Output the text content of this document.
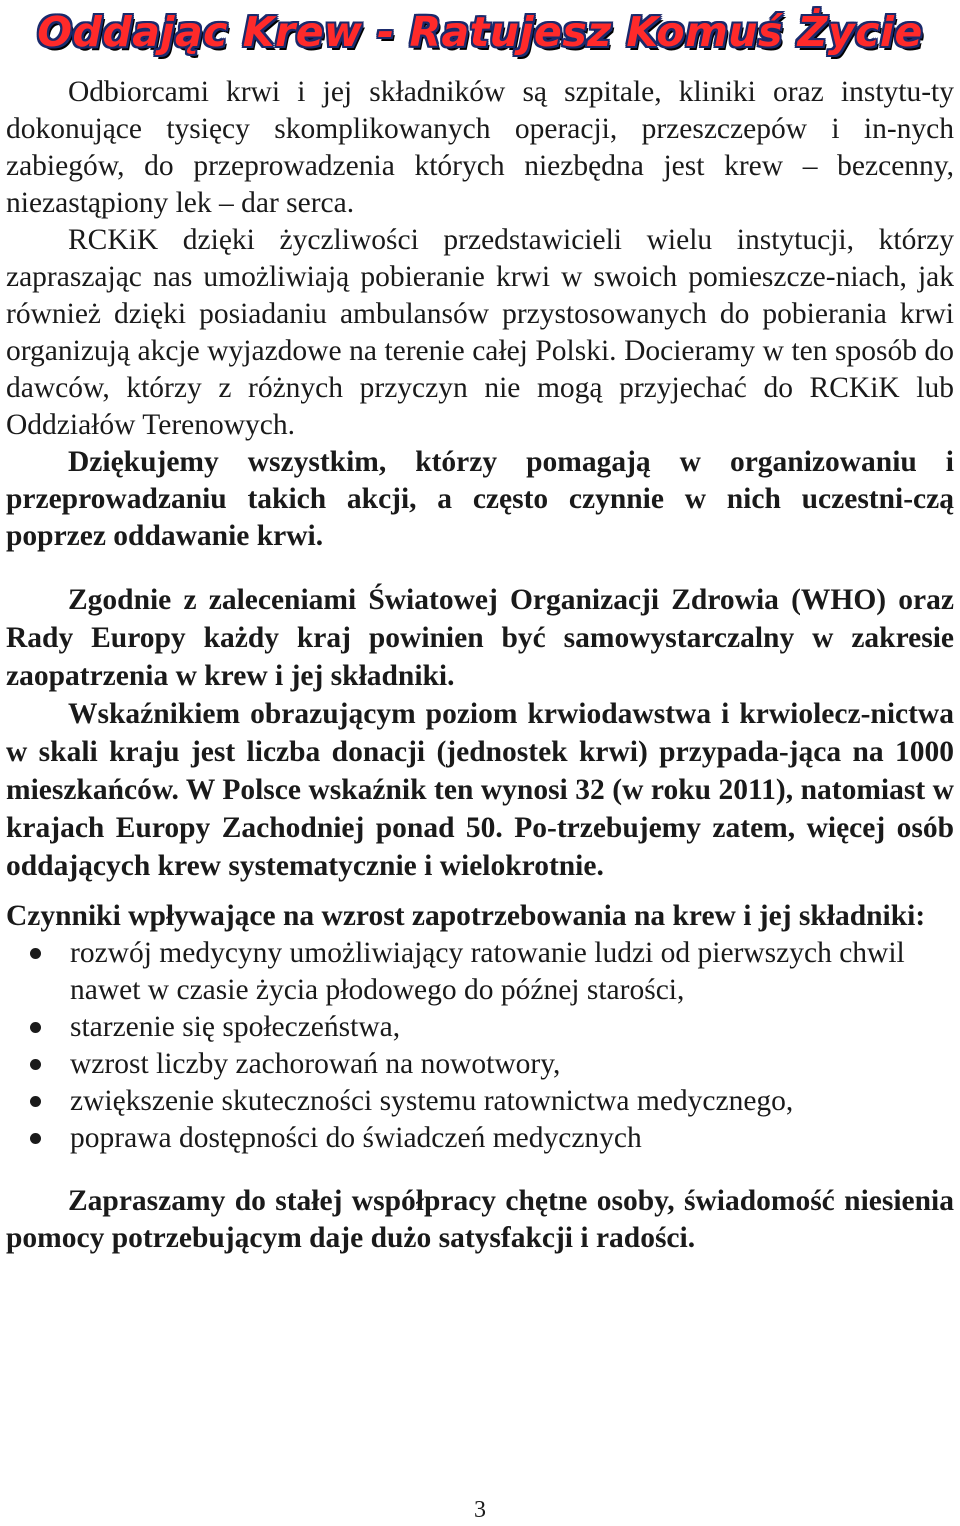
Oddając Krew - Ratujesz Komuś Życie

Odbiorcami krwi i jej składników są szpitale, kliniki oraz instytu-ty dokonujące tysięcy skomplikowanych operacji, przeszczepów i in-nych zabiegów, do przeprowadzenia których niezbędna jest krew – bezcenny, niezastąpiony lek – dar serca.

RCKiK dzięki życzliwości przedstawicieli wielu instytucji, którzy zapraszając nas umożliwiają pobieranie krwi w swoich pomieszcze-niach, jak również dzięki posiadaniu ambulansów przystosowanych do pobierania krwi organizują akcje wyjazdowe na terenie całej Polski. Docieramy w ten sposób do dawców, którzy z różnych przyczyn nie mogą przyjechać do RCKiK lub Oddziałów Terenowych.

Dziękujemy wszystkim, którzy pomagają w organizowaniu i przeprowadzaniu takich akcji, a często czynnie w nich uczestni-czą poprzez oddawanie krwi.

Zgodnie z zaleceniami Światowej Organizacji Zdrowia (WHO) oraz Rady Europy każdy kraj powinien być samowystarczalny w zakresie zaopatrzenia w krew i jej składniki.

Wskaźnikiem obrazującym poziom krwiodawstwa i krwiolecz-nictwa w skali kraju jest liczba donacji (jednostek krwi) przypada-jąca na 1000 mieszkańców. W Polsce wskaźnik ten wynosi 32 (w roku 2011), natomiast w krajach Europy Zachodniej ponad 50. Po-trzebujemy zatem, więcej osób oddających krew systematycznie i wielokrotnie.

Czynniki wpływające na wzrost zapotrzebowania na krew i jej składniki:

rozwój medycyny umożliwiający ratowanie ludzi od pierwszych chwil nawet w czasie życia płodowego do późnej starości,
starzenie się społeczeństwa,
wzrost liczby zachorowań na nowotwory,
zwiększenie skuteczności systemu ratownictwa medycznego,
poprawa dostępności do świadczeń medycznych

Zapraszamy do stałej współpracy chętne osoby, świadomość niesienia pomocy potrzebującym daje dużo satysfakcji i radości.

3
